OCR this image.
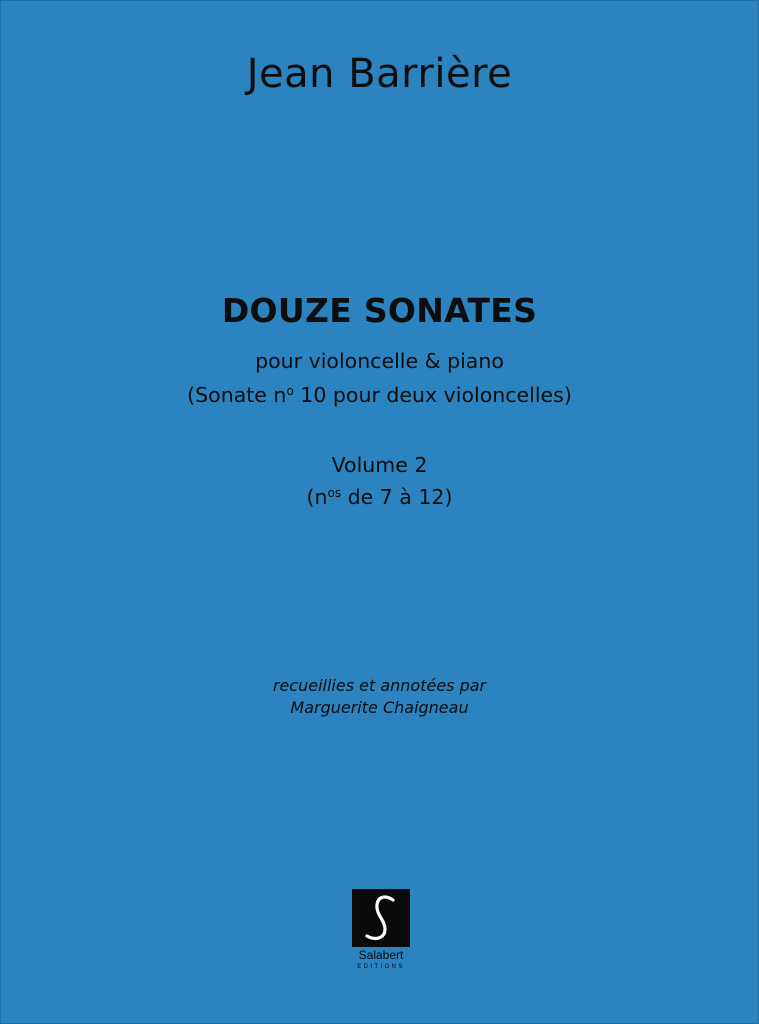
Jean Barrière
DOUZE SONATES
pour violoncelle & piano
(Sonate $n^o$ 10 pour deux violoncelles)
Volume 2
($n^{os}$ de 7 à 12)
recueillies et annotées par
Marguerite Chaigneau
Salabert
EDITIONS
